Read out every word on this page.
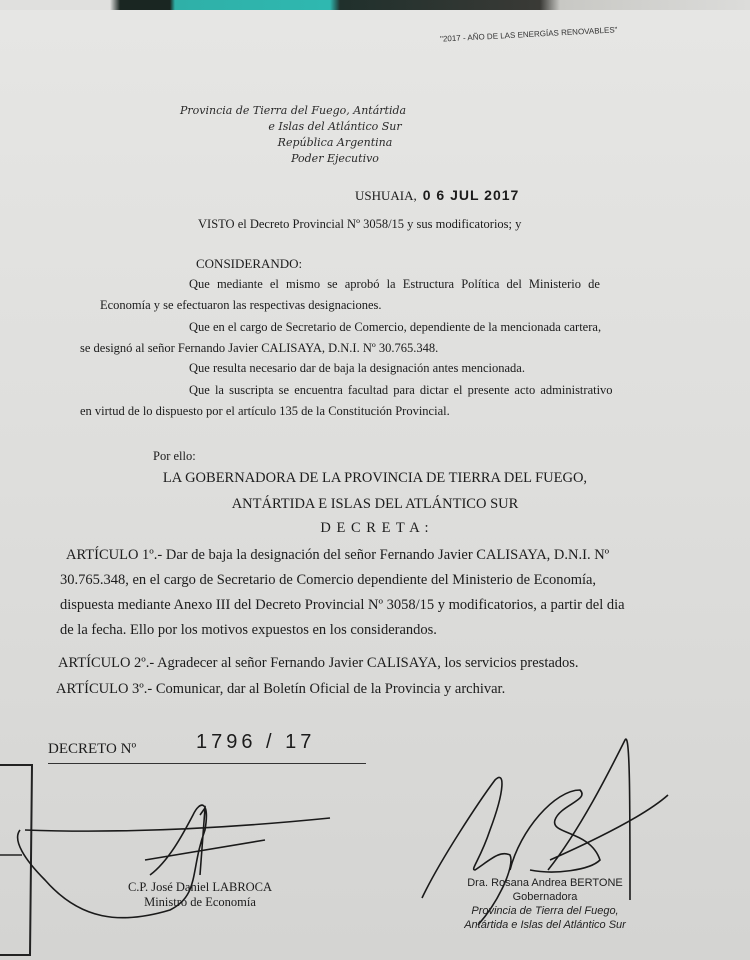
"2017 - AÑO DE LAS ENERGÍAS RENOVABLES"
Provincia de Tierra del Fuego, Antártida
e Islas del Atlántico Sur
República Argentina
Poder Ejecutivo
USHUAIA, 0 6 JUL 2017
VISTO el Decreto Provincial Nº 3058/15 y sus modificatorios; y
CONSIDERANDO:
Que mediante el mismo se aprobó la Estructura Política del Ministerio de
Economía y se efectuaron las respectivas designaciones.
Que en el cargo de Secretario de Comercio, dependiente de la mencionada cartera,
se designó al señor Fernando Javier CALISAYA, D.N.I. Nº 30.765.348.
Que resulta necesario dar de baja la designación antes mencionada.
Que la suscripta se encuentra facultad para dictar el presente acto administrativo
en virtud de lo dispuesto por el artículo 135 de la Constitución Provincial.
Por ello:
LA GOBERNADORA DE LA PROVINCIA DE TIERRA DEL FUEGO,
ANTÁRTIDA E ISLAS DEL ATLÁNTICO SUR
D E C R E T A :
ARTÍCULO 1º.- Dar de baja la designación del señor Fernando Javier CALISAYA, D.N.I. Nº
30.765.348, en el cargo de Secretario de Comercio dependiente del Ministerio de Economía,
dispuesta mediante Anexo III del Decreto Provincial Nº 3058/15 y modificatorios, a partir del dia
de la fecha. Ello por los motivos expuestos en los considerandos.
ARTÍCULO 2º.- Agradecer al señor Fernando Javier CALISAYA, los servicios prestados.
ARTÍCULO 3º.- Comunicar, dar al Boletín Oficial de la Provincia y archivar.
DECRETO Nº	1796 / 17
C.P. José Daniel LABROCA
Ministro de Economía
Dra. Rosana Andrea BERTONE
Gobernadora
Provincia de Tierra del Fuego,
Antártida e Islas del Atlántico Sur
